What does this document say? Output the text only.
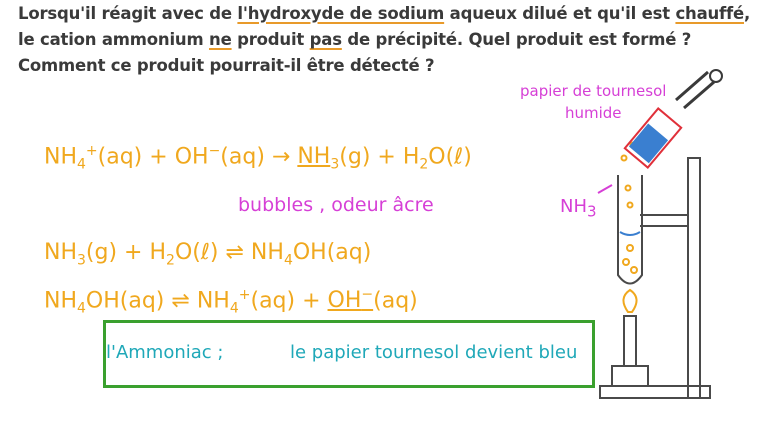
Lorsqu'il réagit avec de l'hydroxyde de sodium aqueux dilué et qu'il est chauffé,
le cation ammonium ne produit pas de précipité. Quel produit est formé ?
Comment ce produit pourrait-il être détecté ?
$NH_4^+(aq) + OH^-(aq) \to NH_3(g)$ + $H_2O(\ell)$
bubbles , odeur âcre
$NH_3(g)$ + $H_2O(\ell)$ ⇌ $NH_4OH(aq)$
$NH_4OH(aq)$ ⇌ $NH_4^+(aq) + OH^-(aq)$
$NH_3$
papier de tournesol
humide
l'Ammoniac ;	le papier tournesol devient bleu
